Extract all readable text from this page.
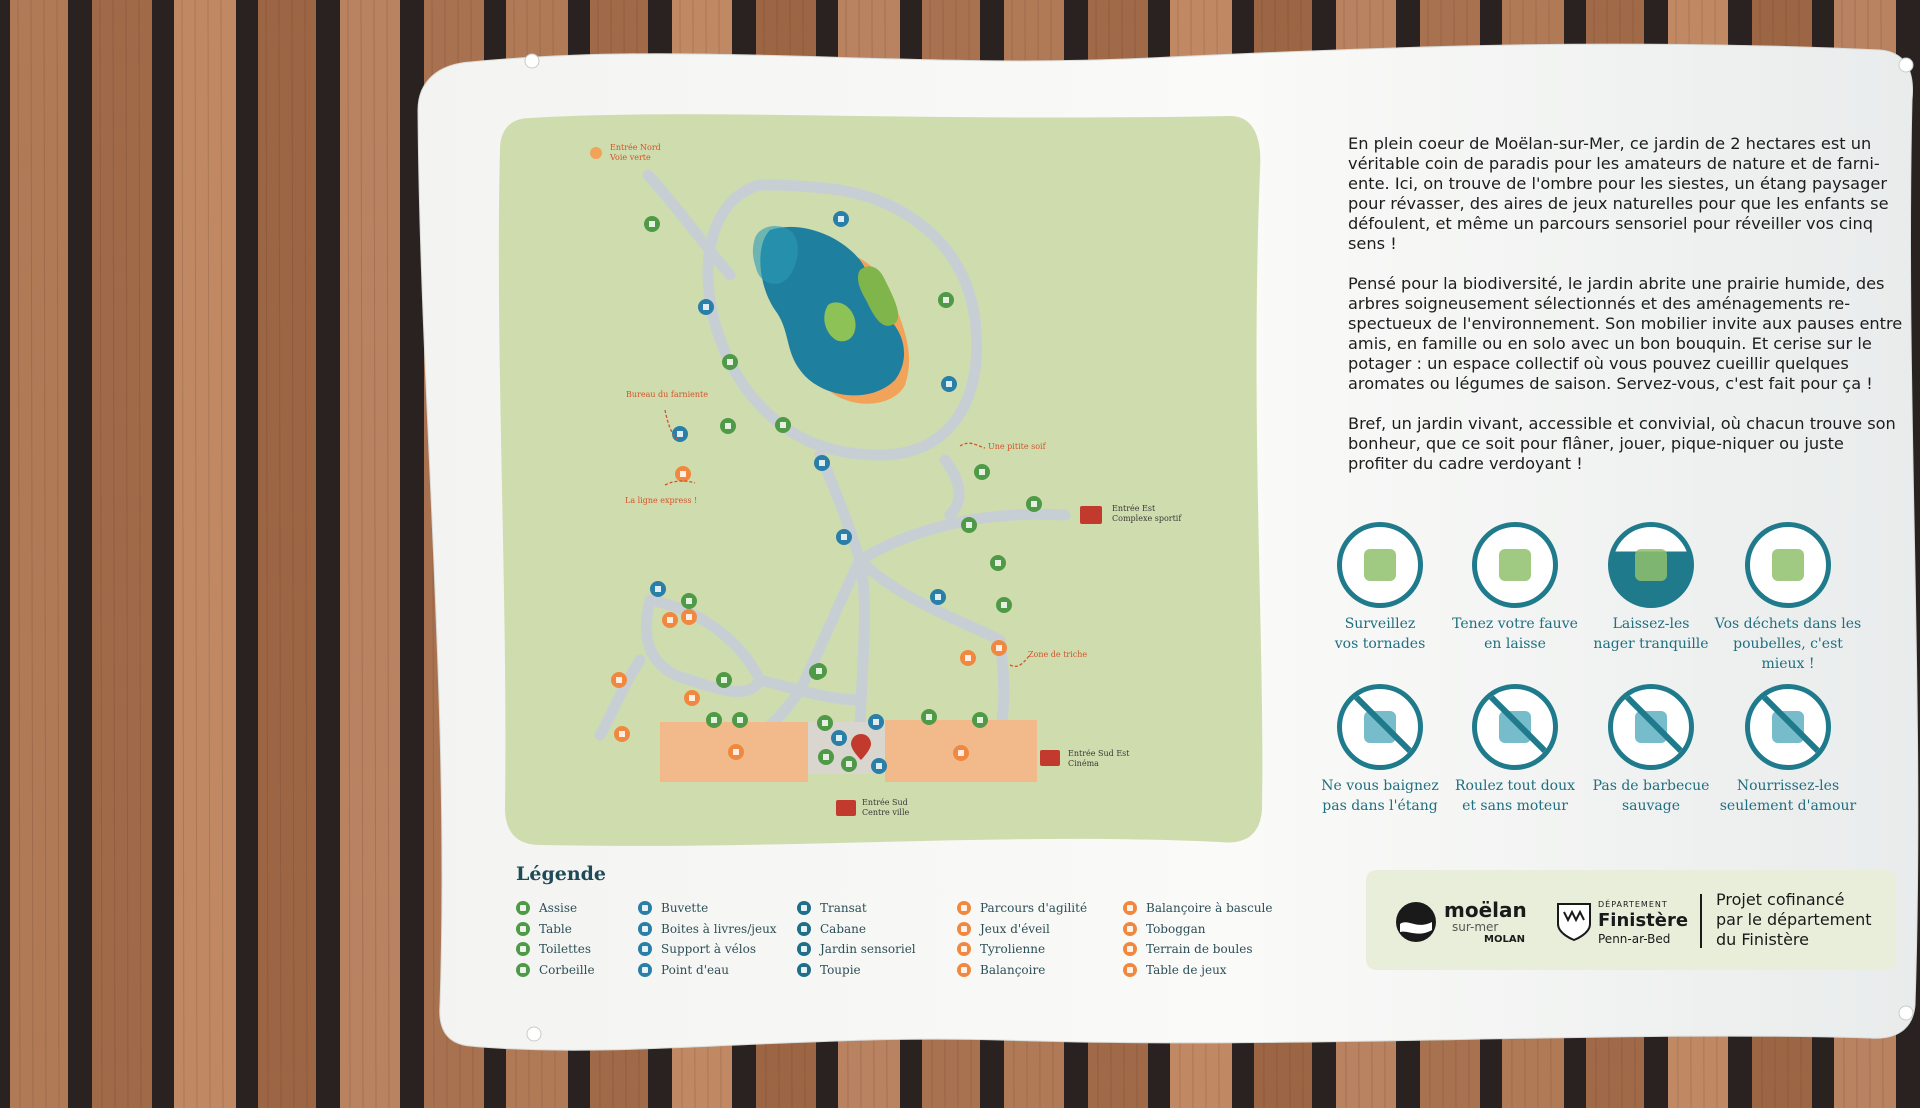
Entrée Nord
Voie verte
Bureau du farniente
La ligne express !
Une pitite soif
Entrée Est
Complexe sportif
Zone de triche
Entrée Sud Est
Cinéma
Entrée Sud
Centre ville

En plein coeur de Moëlan-sur-Mer, ce jardin de 2 hectares est un véritable coin de paradis pour les amateurs de nature et de farni-ente. Ici, on trouve de l'ombre pour les siestes, un étang paysager pour révasser, des aires de jeux naturelles pour que les enfants se défoulent, et même un parcours sensoriel pour réveiller vos cinq sens !

Pensé pour la biodiversité, le jardin abrite une prairie humide, des arbres soigneusement sélectionnés et des aménagements re-spectueux de l'environnement. Son mobilier invite aux pauses entre amis, en famille ou en solo avec un bon bouquin. Et cerise sur le potager : un espace collectif où vous pouvez cueillir quelques aromates ou légumes de saison. Servez-vous, c'est fait pour ça !

Bref, un jardin vivant, accessible et convivial, où chacun trouve son bonheur, que ce soit pour flâner, jouer, pique-niquer ou juste profiter du cadre verdoyant !

Légende
Assise
Table
Toilettes
Corbeille
Buvette
Boites à livres/jeux
Support à vélos
Point d'eau
Transat
Cabane
Jardin sensoriel
Toupie
Parcours d'agilité
Jeux d'éveil
Tyrolienne
Balançoire
Balançoire à bascule
Toboggan
Terrain de boules
Table de jeux
Surveillez
vos tornades
Tenez votre fauve
en laisse
Laissez-les
nager tranquille
Vos déchets dans les
poubelles, c'est mieux !
Ne vous baignez
pas dans l'étang
Roulez tout doux
et sans moteur
Pas de barbecue
sauvage
Nourrissez-les
seulement d'amour
moëlan
sur-mer
MOLAN
DÉPARTEMENT
Finistère
Penn-ar-Bed
Projet cofinancé
par le département
du Finistère
